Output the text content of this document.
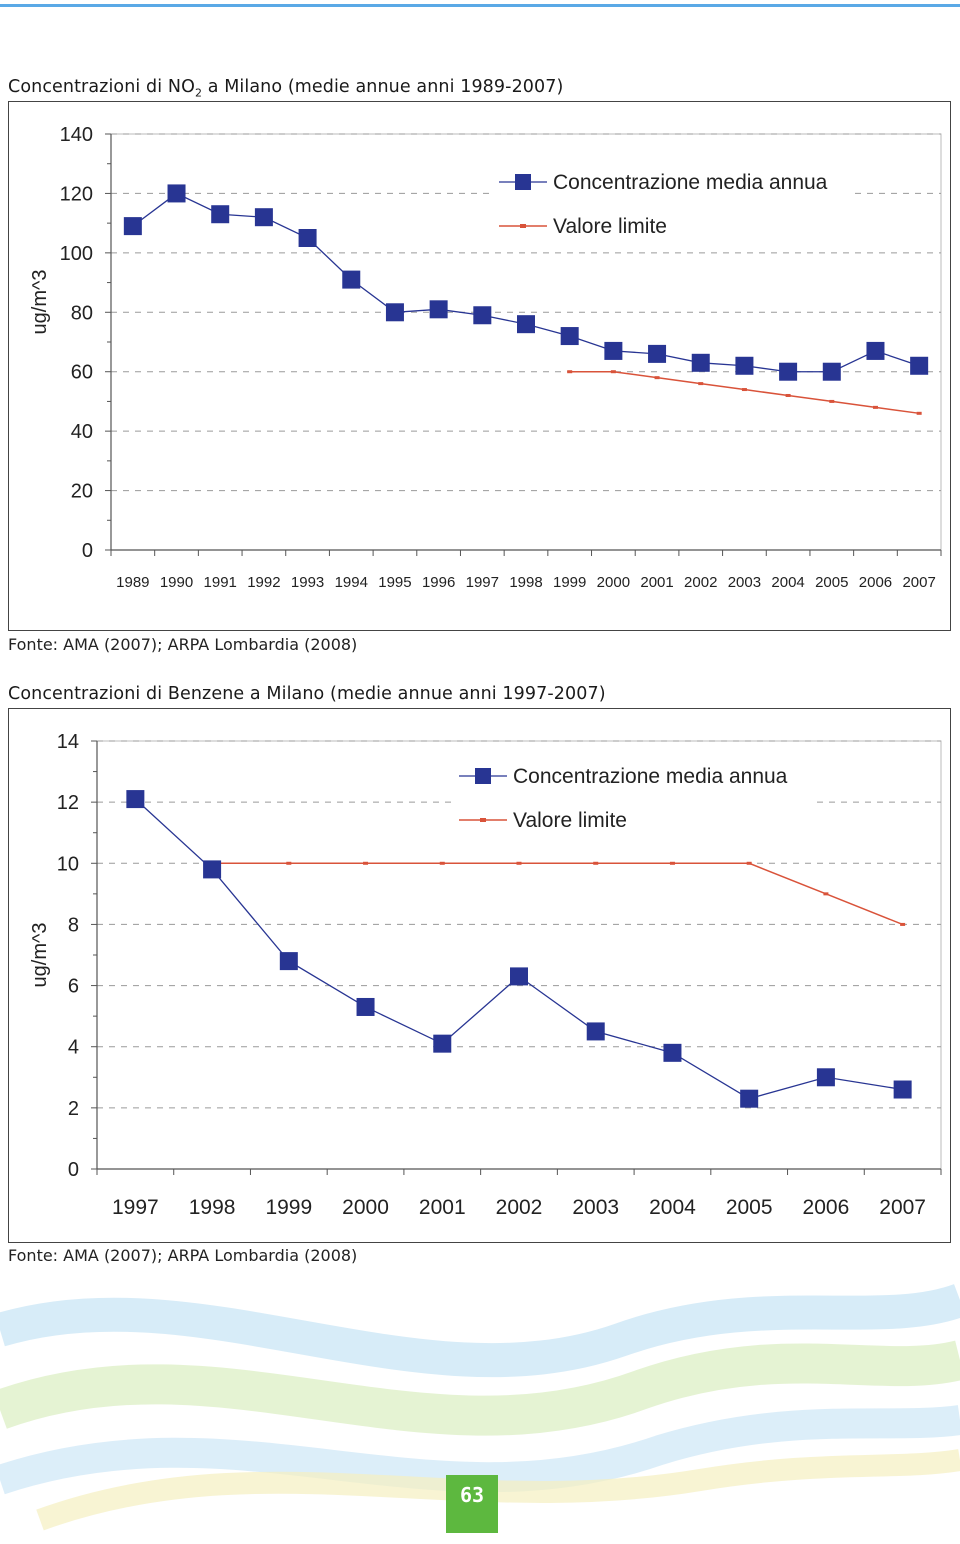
Concentrazioni di $NO_2$ a Milano (medie annue anni 1989-2007)
0
20
40
60
80
100
120
140
1989 1990 1991 1992 1993 1994 1995 1996 1997 1998 1999 2000 2001 2002 2003 2004 2005 2006 2007
ug/m^3
Concentrazione media annua
Valore limite
Fonte: AMA (2007); ARPA Lombardia (2008)
Concentrazioni di Benzene a Milano (medie annue anni 1997-2007)
0
2
4
6
8
10
12
14
1997 1998 1999 2000 2001 2002 2003 2004 2005 2006 2007
ug/m^3
Concentrazione media annua
Valore limite
Fonte: AMA (2007); ARPA Lombardia (2008)
63
